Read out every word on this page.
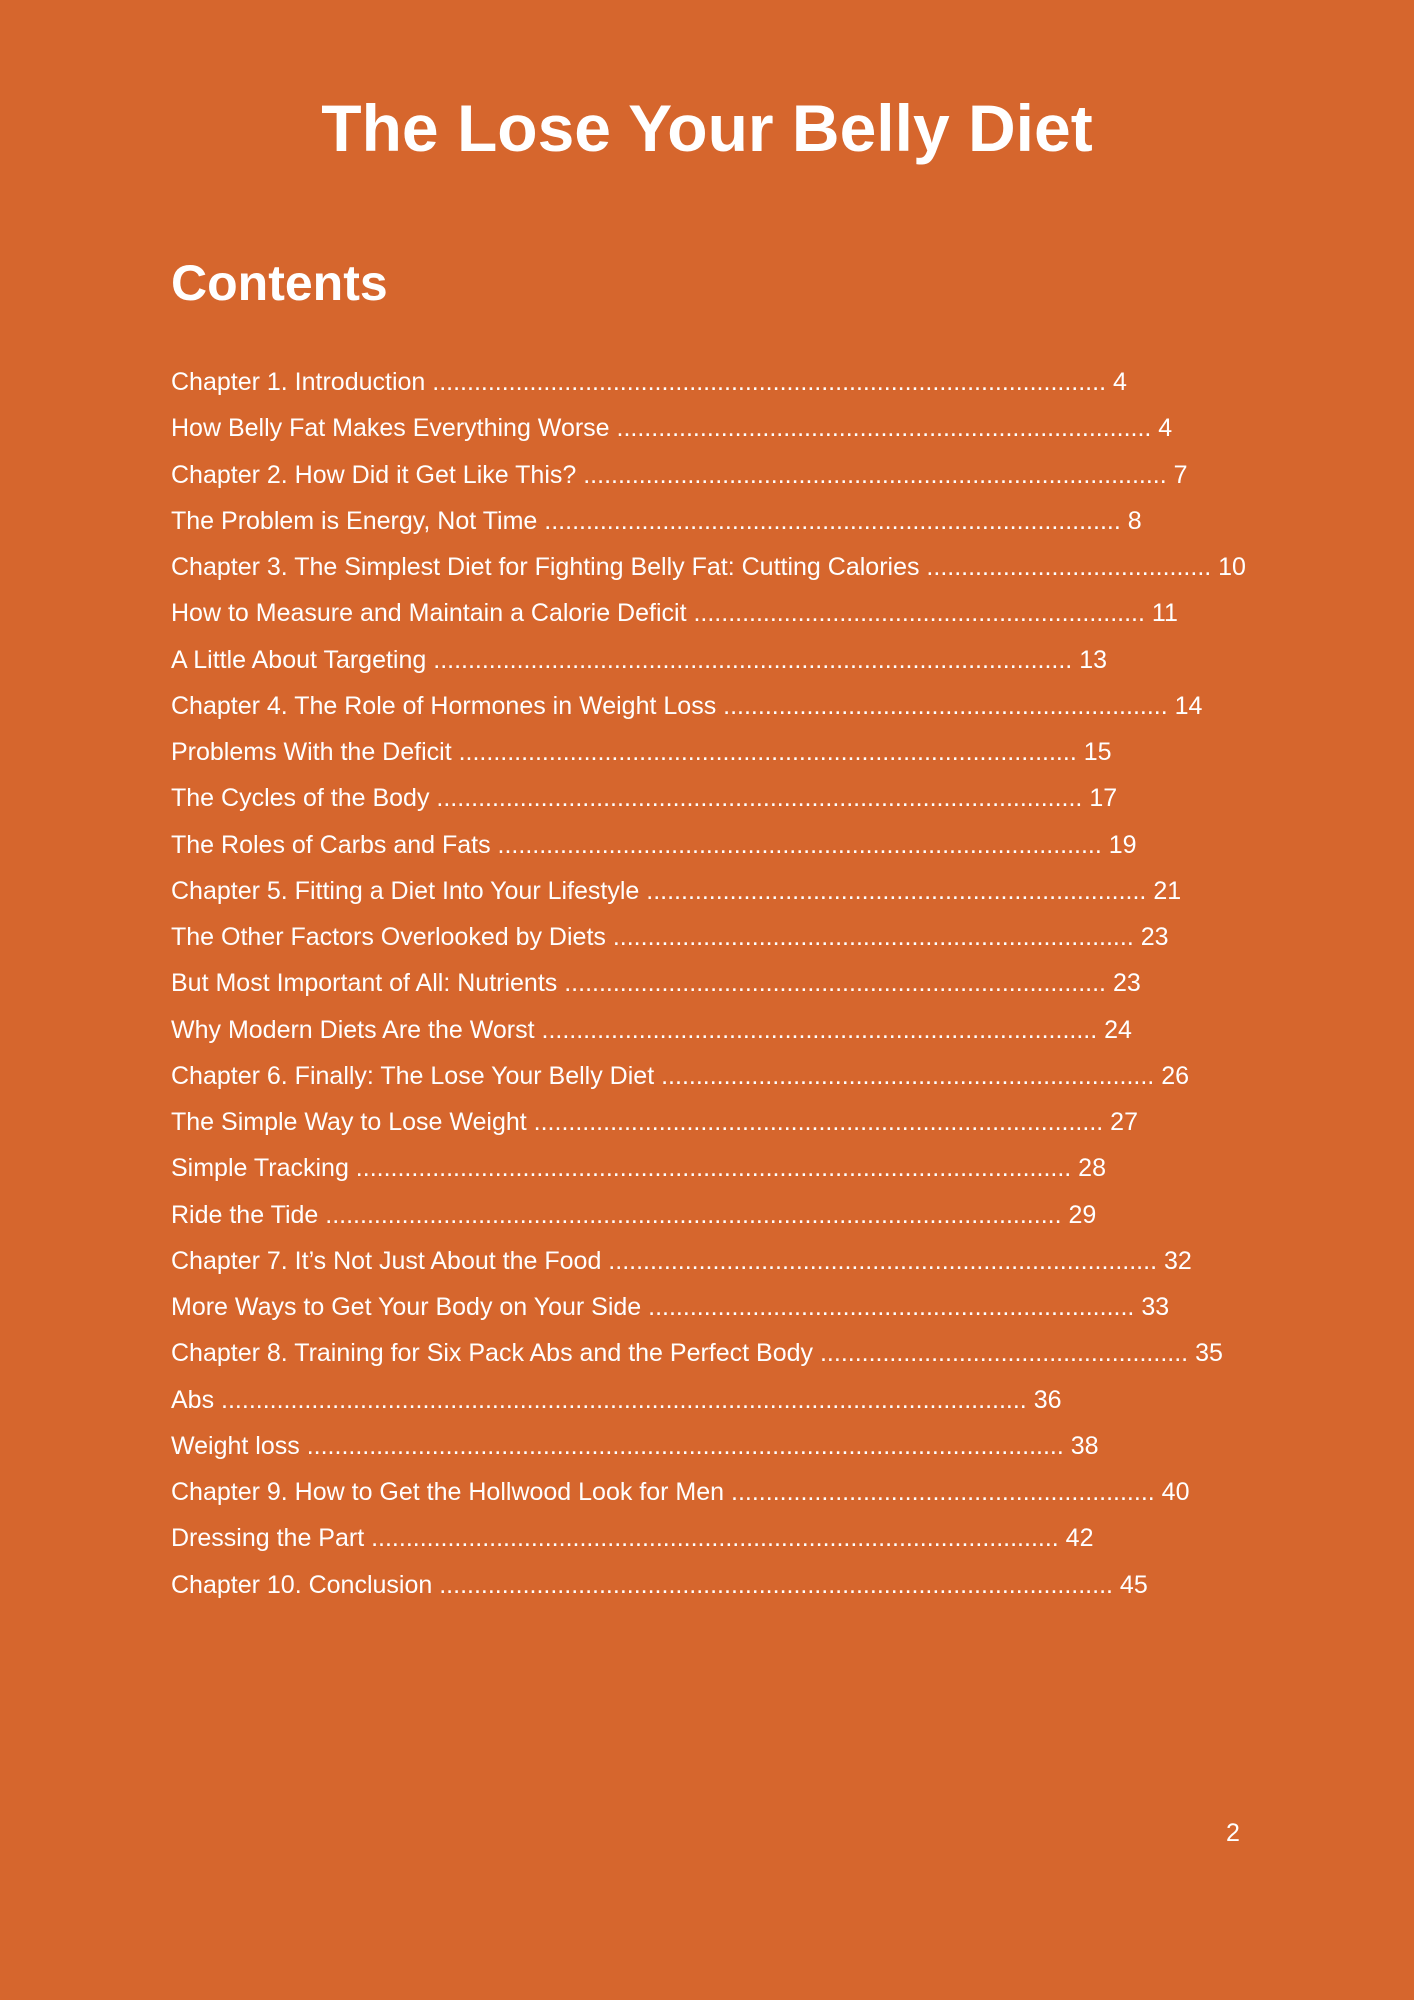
The Lose Your Belly Diet
Contents
Chapter 1. Introduction ................................................................................................. 4
How Belly Fat Makes Everything Worse ............................................................................. 4
Chapter 2. How Did it Get Like This? .................................................................................... 7
The Problem is Energy, Not Time ................................................................................... 8
Chapter 3. The Simplest Diet for Fighting Belly Fat: Cutting Calories ......................................... 10
How to Measure and Maintain a Calorie Deficit ................................................................. 11
A Little About Targeting ............................................................................................ 13
Chapter 4. The Role of Hormones in Weight Loss ................................................................ 14
Problems With the Deficit ......................................................................................... 15
The Cycles of the Body ............................................................................................. 17
The Roles of Carbs and Fats ....................................................................................... 19
Chapter 5. Fitting a Diet Into Your Lifestyle ........................................................................ 21
The Other Factors Overlooked by Diets ........................................................................... 23
But Most Important of All: Nutrients .............................................................................. 23
Why Modern Diets Are the Worst ................................................................................ 24
Chapter 6. Finally: The Lose Your Belly Diet ....................................................................... 26
The Simple Way to Lose Weight .................................................................................. 27
Simple Tracking ....................................................................................................... 28
Ride the Tide .......................................................................................................... 29
Chapter 7. It’s Not Just About the Food ............................................................................... 32
More Ways to Get Your Body on Your Side ...................................................................... 33
Chapter 8. Training for Six Pack Abs and the Perfect Body ..................................................... 35
Abs .................................................................................................................... 36
Weight loss ............................................................................................................. 38
Chapter 9. How to Get the Hollwood Look for Men ............................................................. 40
Dressing the Part ................................................................................................... 42
Chapter 10. Conclusion ................................................................................................. 45
2
